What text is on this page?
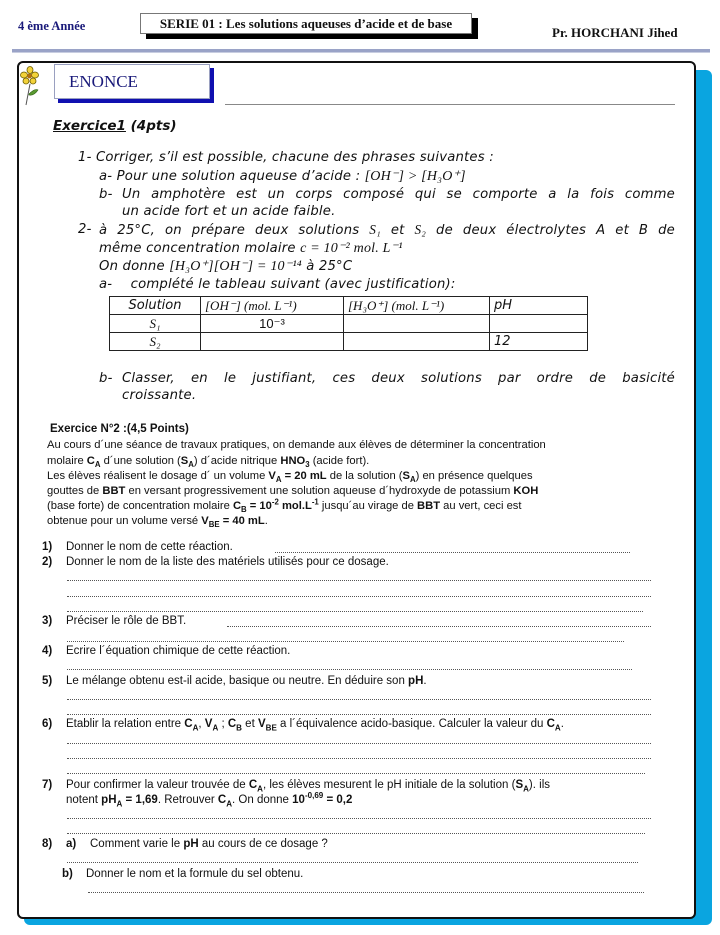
4 ème Année	SERIE 01 : Les solutions aqueuses d’acide et de base
Pr. HORCHANI Jihed
ENONCE
Exercice1 (4pts)
1- Corriger, s’il est possible, chacune des phrases suivantes :
a- Pour une solution aqueuse d’acide : [OH⁻] > [H₃O⁺]
b- Un amphotère est un corps composé qui se comporte a la fois comme
un acide fort et un acide faible.
2- à 25°C, on prépare deux solutions S₁ et S₂ de deux électrolytes A et B de
même concentration molaire c = 10⁻² mol. L⁻¹
On donne [H₃O⁺][OH⁻] = 10⁻¹⁴ à 25°C
a- complété le tableau suivant (avec justification):
Solution	[OH⁻] (mol. L⁻¹)	[H₃O⁺] (mol. L⁻¹)	pH
S₁	10⁻³		
S₂			12
b- Classer, en le justifiant, ces deux solutions par ordre de basicité
croissante.
Exercice N°2 :(4,5 Points)
Au cours d´une séance de travaux pratiques, on demande aux élèves de déterminer la concentration
molaire $C_A$ d´une solution $(S_A)$ d´acide nitrique $HNO_3$ (acide fort).
Les élèves réalisent le dosage d´ un volume $V_A = 20$ mL de la solution $(S_A)$ en présence quelques
gouttes de BBT en versant progressivement une solution aqueuse d´hydroxyde de potassium KOH
(base forte) de concentration molaire $C_B = 10^{-2}$ $mol.L^{-1}$ jusqu´au virage de BBT au vert, ceci est
obtenue pour un volume versé $V_{BE} = 40$ mL.
1) Donner le nom de cette réaction.
2) Donner le nom de la liste des matériels utilisés pour ce dosage.
3) Préciser le rôle de BBT.
4) Ecrire l´équation chimique de cette réaction.
5) Le mélange obtenu est-il acide, basique ou neutre. En déduire son pH.
6) Etablir la relation entre $C_A$, $V_A$ ; $C_B$ et $V_{BE}$ a l´équivalence acido-basique. Calculer la valeur du $C_A$.
7) Pour confirmer la valeur trouvée de $C_A$, les élèves mesurent le pH initiale de la solution $(S_A)$. ils
notent $pH_A = 1,69$. Retrouver $C_A$. On donne $10^{-0,69} = 0,2$
8) a) Comment varie le pH au cours de ce dosage ?
b) Donner le nom et la formule du sel obtenu.
